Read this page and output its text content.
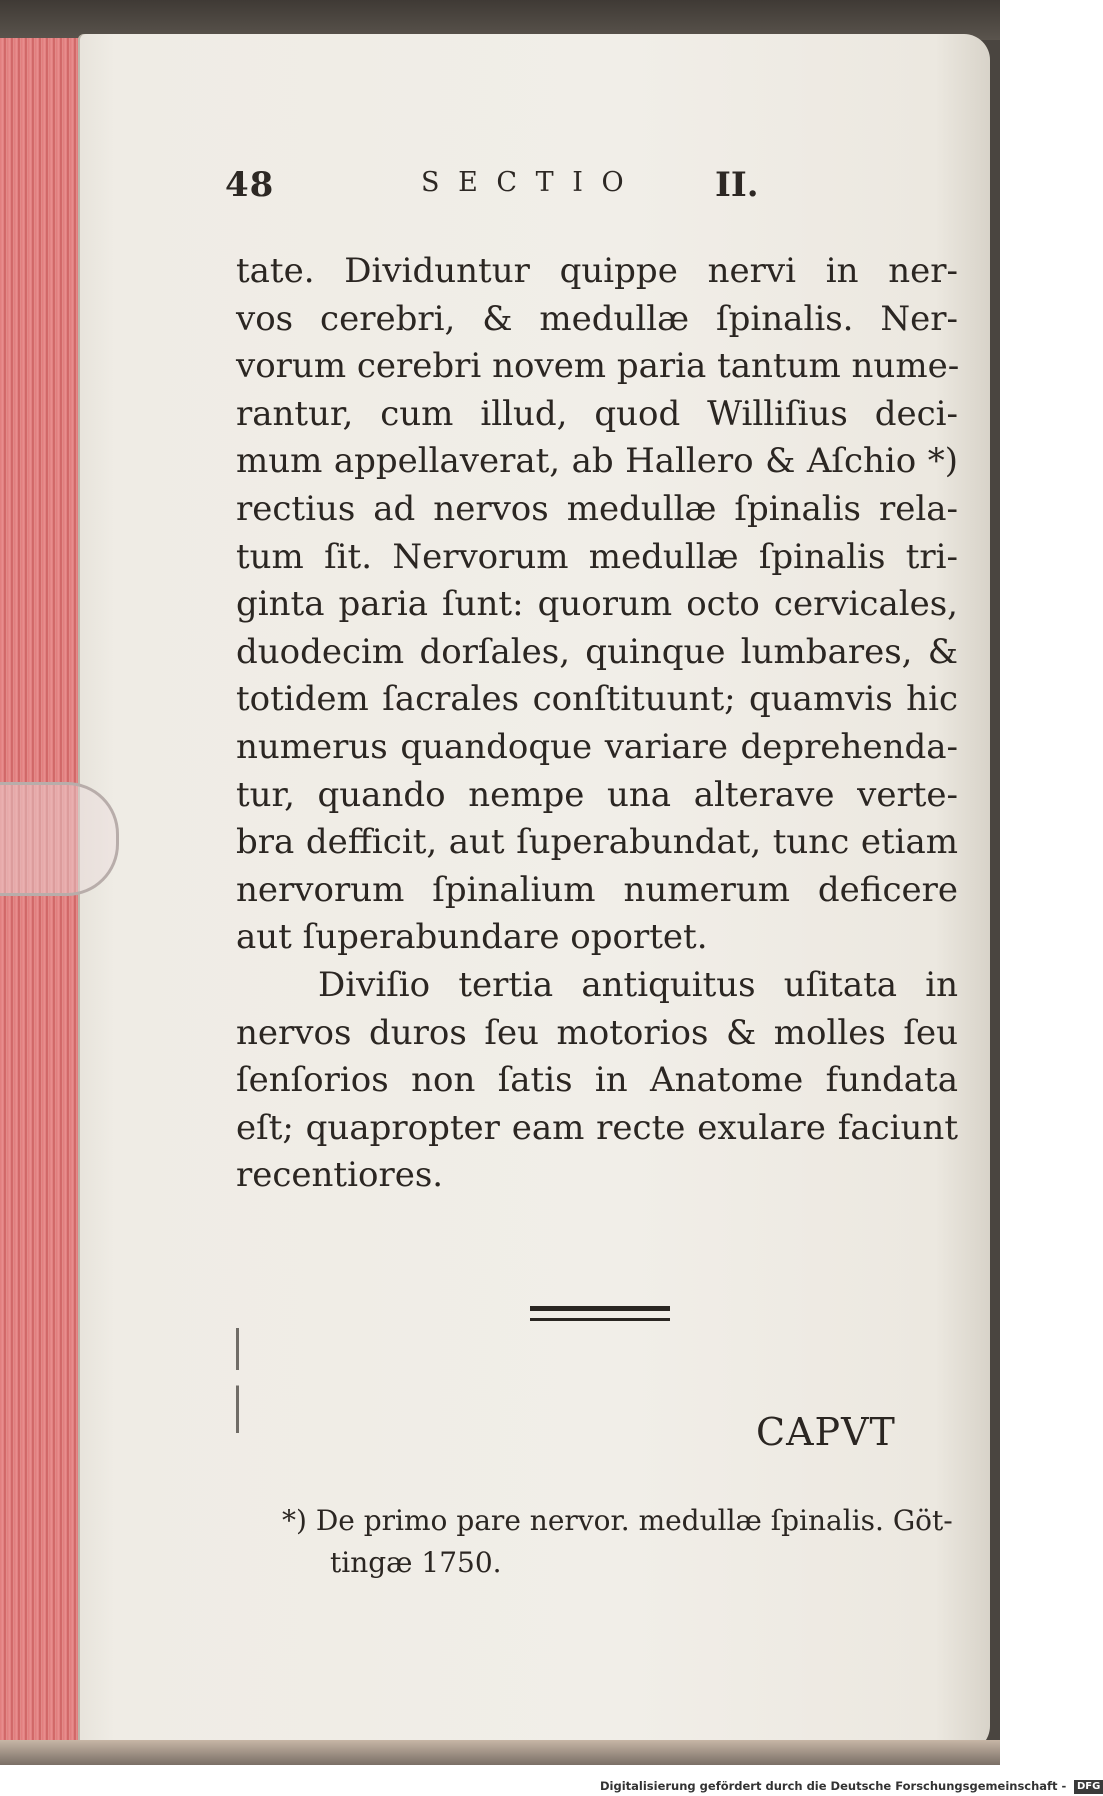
48	S E C T I O	II.
tate. Dividuntur quippe nervi in ner-
vos cerebri, & medullæ ſpinalis. Ner-
vorum cerebri novem paria tantum nume-
rantur, cum illud, quod Williſius deci-
mum appellaverat, ab Hallero & Aſchio *)
rectius ad nervos medullæ ſpinalis rela-
tum ſit. Nervorum medullæ ſpinalis tri-
ginta paria ſunt: quorum octo cervicales,
duodecim dorſales, quinque lumbares, &
totidem ſacrales conſtituunt; quamvis hic
numerus quandoque variare deprehenda-
tur, quando nempe una alterave verte-
bra defficit, aut ſuperabundat, tunc etiam
nervorum ſpinalium numerum deficere
aut ſuperabundare oportet.
Diviſio tertia antiquitus uſitata in
nervos duros ſeu motorios & molles ſeu
ſenſorios non ſatis in Anatome fundata
eſt; quapropter eam recte exulare faciunt
recentiores.
CAPVT
*) De primo pare nervor. medullæ ſpinalis. Göt-
tingæ 1750.
Digitalisierung gefördert durch die Deutsche Forschungsgemeinschaft - DFG
